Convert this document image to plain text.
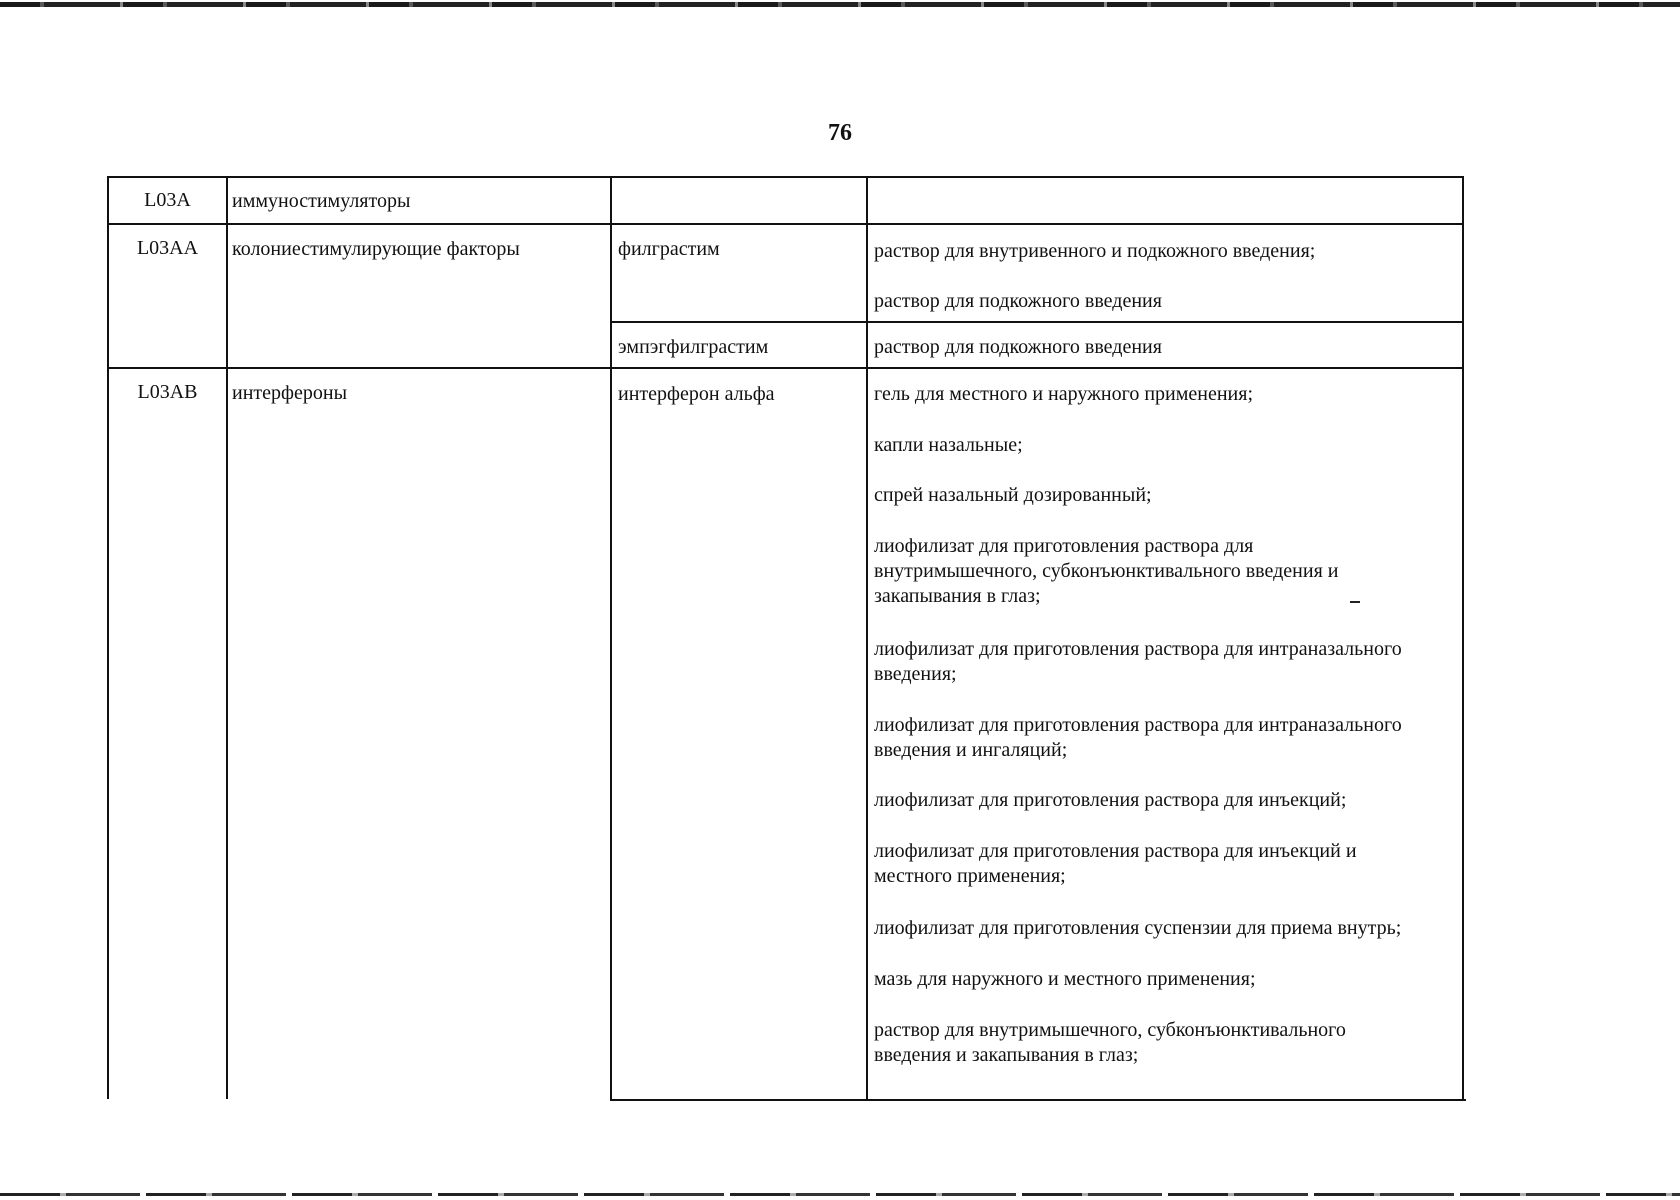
76
L03A	иммуностимуляторы
L03AA	колониестимулирующие факторы	филграстим	раствор для внутривенного и подкожного введения;
раствор для подкожного введения
эмпэгфилграстим	раствор для подкожного введения
L03AB	интерфероны	интерферон альфа	гель для местного и наружного применения;
капли назальные;
спрей назальный дозированный;
лиофилизат для приготовления раствора для внутримышечного, субконъюнктивального введения и закапывания в глаз;
лиофилизат для приготовления раствора для интраназального введения;
лиофилизат для приготовления раствора для интраназального введения и ингаляций;
лиофилизат для приготовления раствора для инъекций;
лиофилизат для приготовления раствора для инъекций и местного применения;
лиофилизат для приготовления суспензии для приема внутрь;
мазь для наружного и местного применения;
раствор для внутримышечного, субконъюнктивального введения и закапывания в глаз;
